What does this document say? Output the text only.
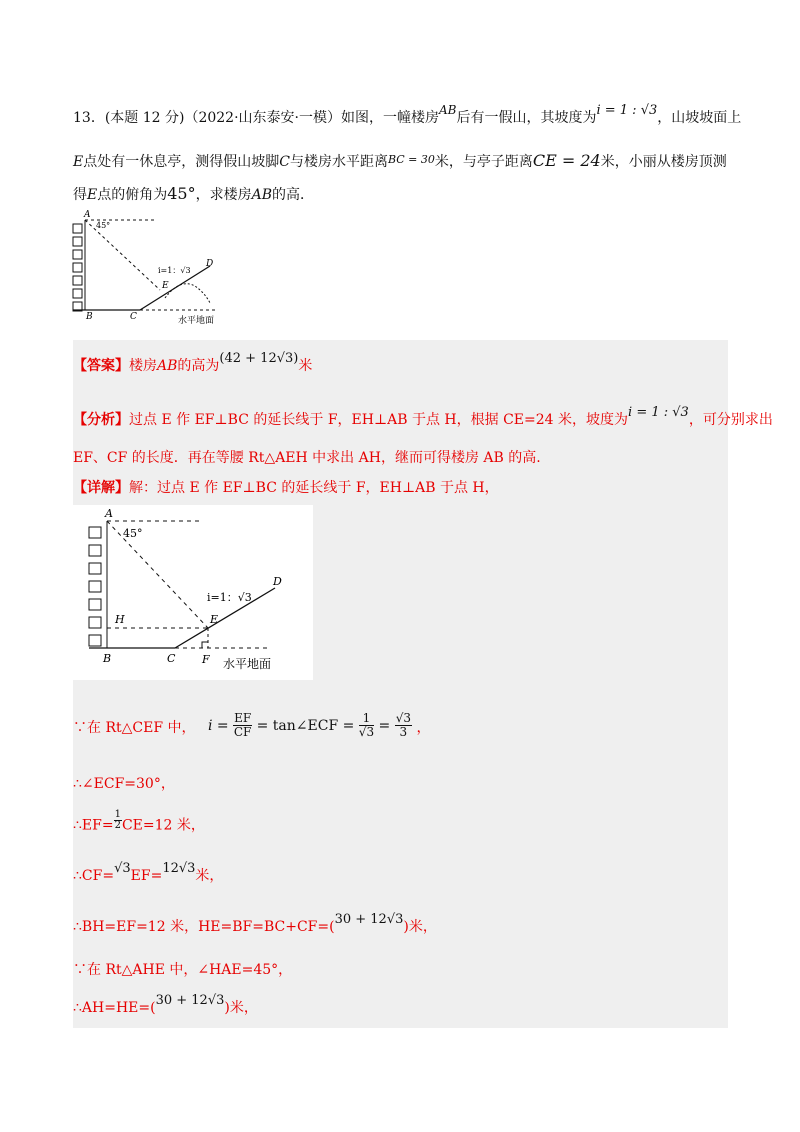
13．(本题 12 分)（2022·山东泰安·一模）如图，一幢楼房AB后有一假山，其坡度为i = 1 : √3，山坡坡面上
E点处有一休息亭，测得假山坡脚C与楼房水平距离$^{BC = 30}$米，与亭子距离CE = 24米，小丽从楼房顶测
得E点的俯角为45°，求楼房AB的高．
A
45°
B	C
D
E
i=1：√3
水平地面
【答案】楼房AB的高为(42 + 12√3)米
【分析】过点 E 作 EF⊥BC 的延长线于 F，EH⊥AB 于点 H，根据 CE=24 米，坡度为i = 1 : √3，可分别求出
EF、CF 的长度．再在等腰 Rt△AEH 中求出 AH，继而可得楼房 AB 的高.
【详解】解：过点 E 作 EF⊥BC 的延长线于 F，EH⊥AB 于点 H，
A
45°
H
B	C
D
E
F
i=1：√3
水平地面
∵在 Rt△CEF 中， $i = \frac{EF}{CF}$ = tan∠ECF = $\frac{1}{√3} = \frac{√3}{3}$ ，
∴∠ECF=30°，
∴EF= $\frac{1}{2} CE=12$ 米，
∴CF=√3EF=12√3米，
∴BH=EF=12 米，HE=BF=BC+CF=(30 + 12√3)米，
∵在 Rt△AHE 中，∠HAE=45°，
∴AH=HE=(30 + 12√3)米，
